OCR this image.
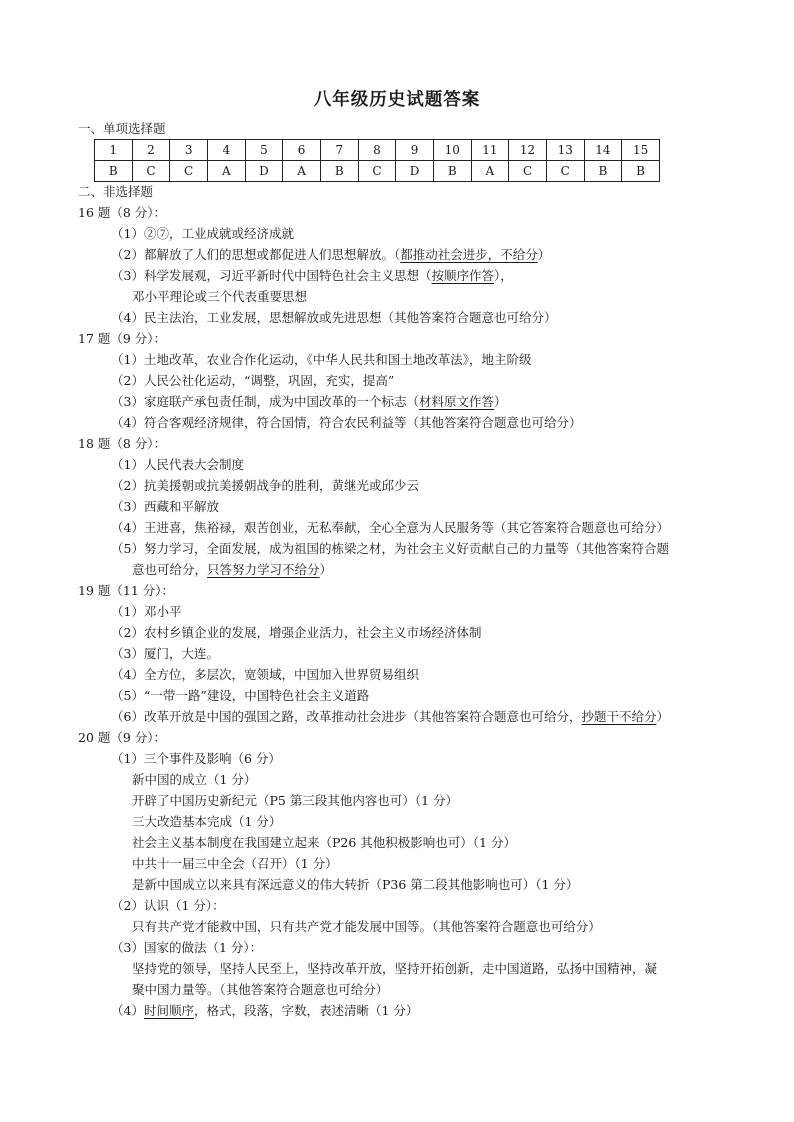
八年级历史试题答案
一、单项选择题
1	2	3	4	5	6	7	8	9	10	11	12	13	14	15
B	C	C	A	D	A	B	C	D	B	A	C	C	B	B
二、非选择题
16 题（8 分）：
（1）②⑦，工业成就或经济成就
（2）都解放了人们的思想或都促进人们思想解放。（都推动社会进步，不给分）
（3）科学发展观，习近平新时代中国特色社会主义思想（按顺序作答），
邓小平理论或三个代表重要思想
（4）民主法治，工业发展，思想解放或先进思想（其他答案符合题意也可给分）
17 题（9 分）：
（1）土地改革，农业合作化运动，《中华人民共和国土地改革法》，地主阶级
（2）人民公社化运动，“调整，巩固，充实，提高”
（3）家庭联产承包责任制，成为中国改革的一个标志（材料原文作答）
（4）符合客观经济规律，符合国情，符合农民利益等（其他答案符合题意也可给分）
18 题（8 分）：
（1）人民代表大会制度
（2）抗美援朝或抗美援朝战争的胜利，黄继光或邱少云
（3）西藏和平解放
（4）王进喜，焦裕禄，艰苦创业，无私奉献，全心全意为人民服务等（其它答案符合题意也可给分）
（5）努力学习，全面发展，成为祖国的栋梁之材，为社会主义好贡献自己的力量等（其他答案符合题
意也可给分，只答努力学习不给分）
19 题（11 分）：
（1）邓小平
（2）农村乡镇企业的发展，增强企业活力，社会主义市场经济体制
（3）厦门，大连。
（4）全方位，多层次，宽领域，中国加入世界贸易组织
（5）“一带一路”建设，中国特色社会主义道路
（6）改革开放是中国的强国之路，改革推动社会进步（其他答案符合题意也可给分，抄题干不给分）
20 题（9 分）：
（1）三个事件及影响（6 分）
新中国的成立（1 分）
开辟了中国历史新纪元（P5 第三段其他内容也可）（1 分）
三大改造基本完成（1 分）
社会主义基本制度在我国建立起来（P26 其他积极影响也可）（1 分）
中共十一届三中全会（召开）（1 分）
是新中国成立以来具有深远意义的伟大转折（P36 第二段其他影响也可）（1 分）
（2）认识（1 分）：
只有共产党才能救中国，只有共产党才能发展中国等。（其他答案符合题意也可给分）
（3）国家的做法（1 分）：
坚持党的领导，坚持人民至上，坚持改革开放，坚持开拓创新，走中国道路，弘扬中国精神，凝
聚中国力量等。（其他答案符合题意也可给分）
（4）时间顺序，格式，段落，字数，表述清晰（1 分）
